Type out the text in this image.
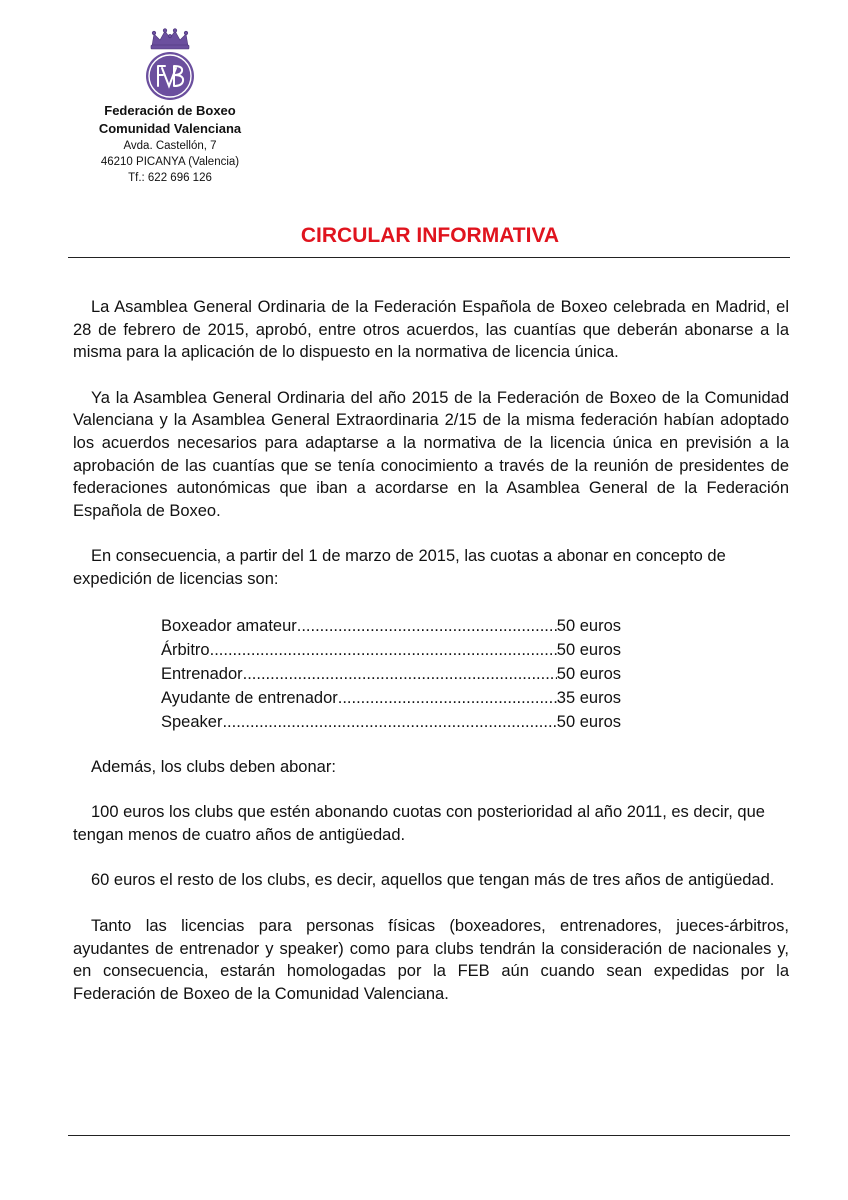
Federación de Boxeo
Comunidad Valenciana
Avda. Castellón, 7
46210 PICANYA (Valencia)
Tf.: 622 696 126
CIRCULAR INFORMATIVA

La Asamblea General Ordinaria de la Federación Española de Boxeo celebrada en Madrid, el 28 de febrero de 2015, aprobó, entre otros acuerdos, las cuantías que deberán abonarse a la misma para la aplicación de lo dispuesto en la normativa de licencia única.

Ya la Asamblea General Ordinaria del año 2015 de la Federación de Boxeo de la Comunidad Valenciana y la Asamblea General Extraordinaria 2/15 de la misma federación habían adoptado los acuerdos necesarios para adaptarse a la normativa de la licencia única en previsión a la aprobación de las cuantías que se tenía conocimiento a través de la reunión de presidentes de federaciones autonómicas que iban a acordarse en la Asamblea General de la Federación Española de Boxeo.

En consecuencia, a partir del 1 de marzo de 2015, las cuotas a abonar en concepto de expedición de licencias son:

Boxeador amateur .....	50 euros
Árbitro .....	50 euros
Entrenador .....	50 euros
Ayudante de entrenador .....	35 euros
Speaker .....	50 euros

Además, los clubs deben abonar:

100 euros los clubs que estén abonando cuotas con posterioridad al año 2011, es decir, que tengan menos de cuatro años de antigüedad.

60 euros el resto de los clubs, es decir, aquellos que tengan más de tres años de antigüedad.

Tanto las licencias para personas físicas (boxeadores, entrenadores, jueces-árbitros, ayudantes de entrenador y speaker) como para clubs tendrán la consideración de nacionales y, en consecuencia, estarán homologadas por la FEB aún cuando sean expedidas por la Federación de Boxeo de la Comunidad Valenciana.
